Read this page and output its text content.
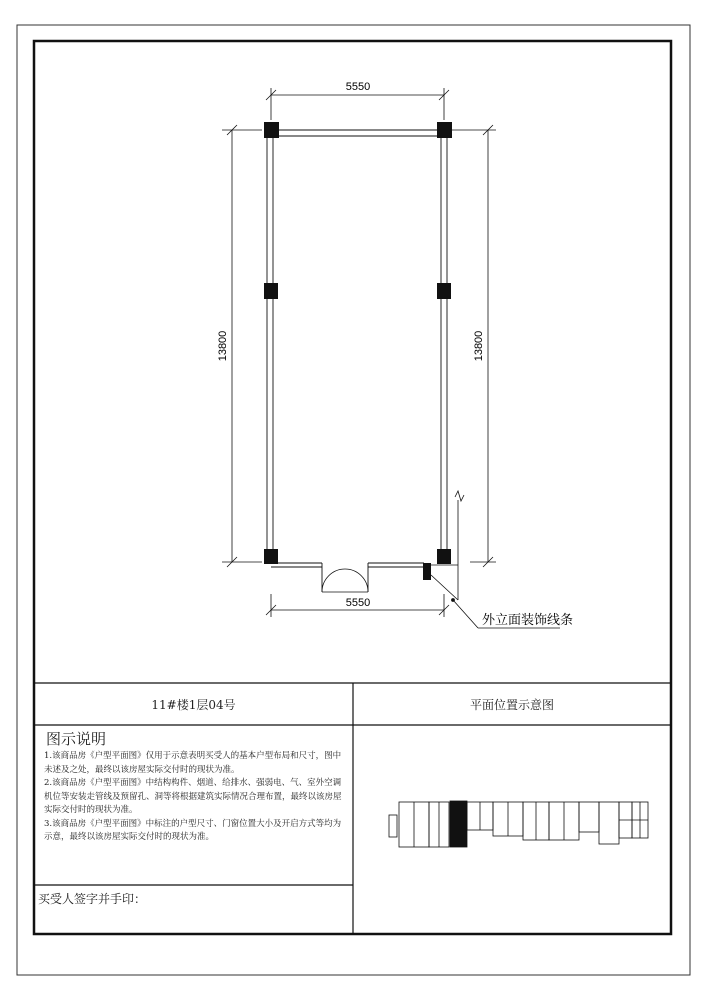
5550
5550
13800	13800
外立面装饰线条
11#楼1层04号	平面位置示意图
图示说明
1.该商品房《户型平面图》仅用于示意表明买受人的基本户型布局和尺寸，图中未述及之处，最终以该房屋实际交付时的现状为准。
2.该商品房《户型平面图》中结构构件、烟道、给排水、强弱电、气、室外空调机位等安装走管线及预留孔、洞等将根据建筑实际情况合理布置，最终以该房屋实际交付时的现状为准。
3.该商品房《户型平面图》中标注的户型尺寸、门窗位置大小及开启方式等均为示意，最终以该房屋实际交付时的现状为准。
买受人签字并手印：
